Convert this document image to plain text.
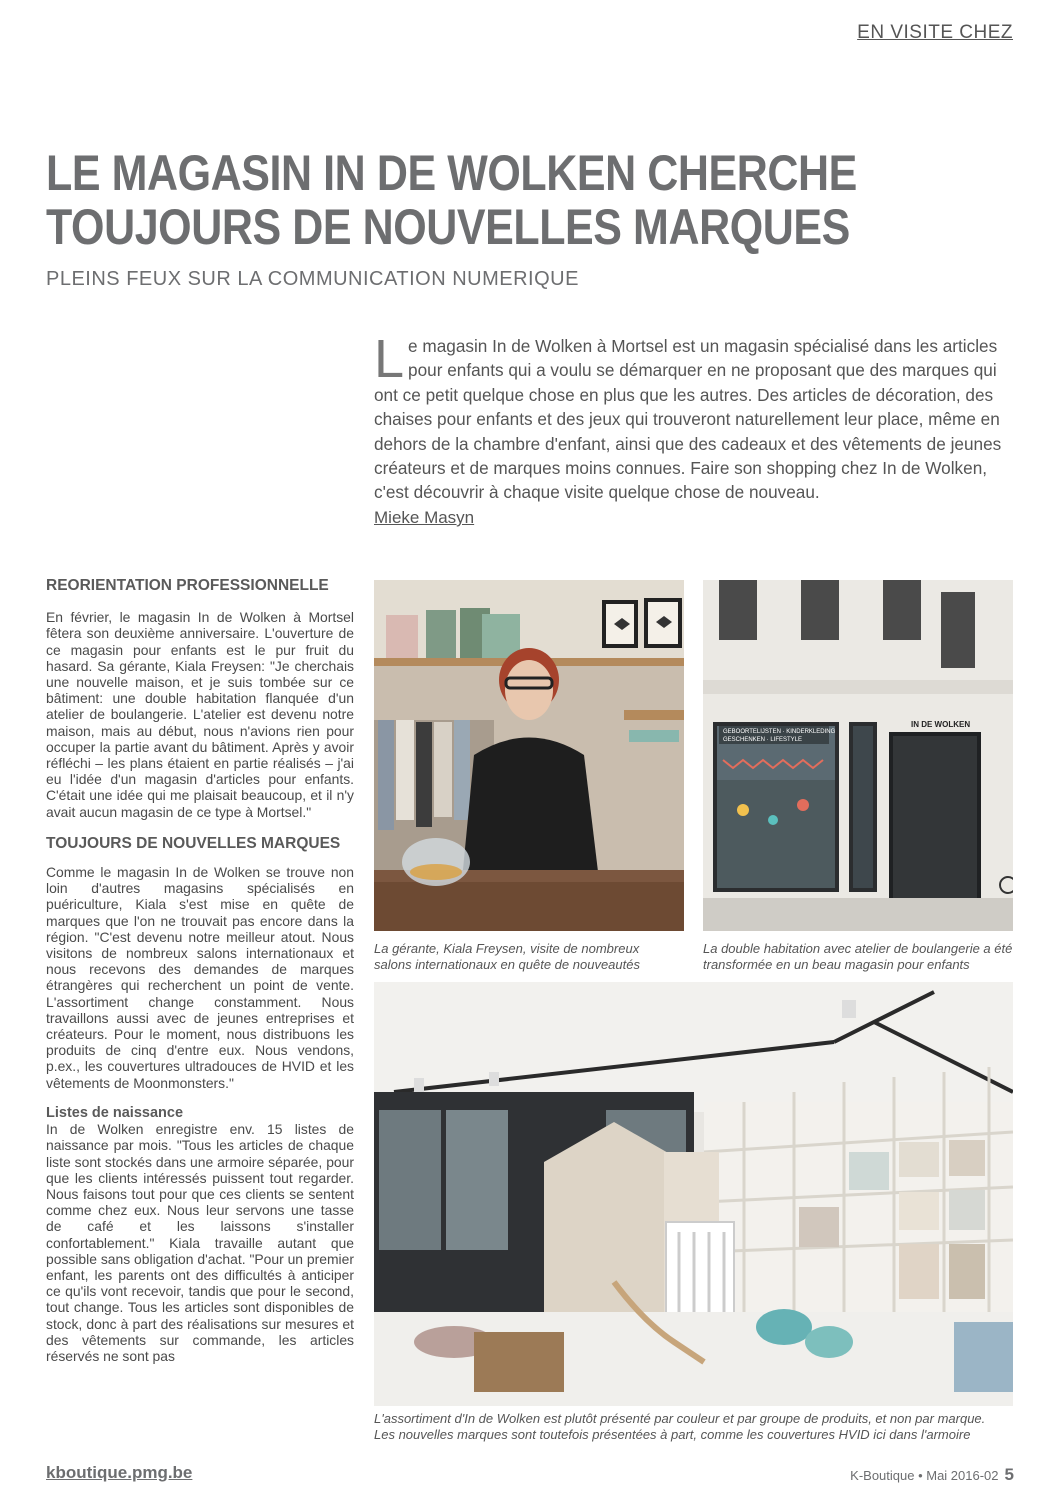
EN VISITE CHEZ
LE MAGASIN IN DE WOLKEN CHERCHE
TOUJOURS DE NOUVELLES MARQUES

PLEINS FEUX SUR LA COMMUNICATION NUMERIQUE

L e magasin In de Wolken à Mortsel est un magasin spécialisé dans les articles pour enfants qui a voulu se démarquer en ne proposant que des marques qui ont ce petit quelque chose en plus que les autres. Des articles de décoration, des chaises pour enfants et des jeux qui trouveront naturellement leur place, même en dehors de la chambre d'enfant, ainsi que des cadeaux et des vêtements de jeunes créateurs et de marques moins connues. Faire son shopping chez In de Wolken, c'est découvrir à chaque visite quelque chose de nouveau.

Mieke Masyn
REORIENTATION PROFESSIONNELLE

En février, le magasin In de Wolken à Mortsel fêtera son deuxième anniversaire. L'ouverture de ce magasin pour enfants est le pur fruit du hasard. Sa gérante, Kiala Freysen: "Je cherchais une nouvelle maison, et je suis tombée sur ce bâtiment: une double habitation flanquée d'un atelier de boulangerie. L'atelier est devenu notre maison, mais au début, nous n'avions rien pour occuper la partie avant du bâtiment. Après y avoir réfléchi – les plans étaient en partie réalisés – j'ai eu l'idée d'un magasin d'articles pour enfants. C'était une idée qui me plaisait beaucoup, et il n'y avait aucun magasin de ce type à Mortsel."

TOUJOURS DE NOUVELLES MARQUES

Comme le magasin In de Wolken se trouve non loin d'autres magasins spécialisés en puériculture, Kiala s'est mise en quête de marques que l'on ne trouvait pas encore dans la région. "C'est devenu notre meilleur atout. Nous visitons de nombreux salons internationaux et nous recevons des demandes de marques étrangères qui recherchent un point de vente. L'assortiment change constamment. Nous travaillons aussi avec de jeunes entreprises et créateurs. Pour le moment, nous distribuons les produits de cinq d'entre eux. Nous vendons, p.ex., les couvertures ultradouces de HVID et les vêtements de Moonmonsters."

Listes de naissance

In de Wolken enregistre env. 15 listes de naissance par mois. "Tous les articles de chaque liste sont stockés dans une armoire séparée, pour que les clients intéressés puissent tout regarder. Nous faisons tout pour que ces clients se sentent comme chez eux. Nous leur servons une tasse de café et les laissons s'installer confortablement." Kiala travaille autant que possible sans obligation d'achat. "Pour un premier enfant, les parents ont des difficultés à anticiper ce qu'ils vont recevoir, tandis que pour le second, tout change. Tous les articles sont disponibles de stock, donc à part des réalisations sur mesures et des vêtements sur commande, les articles réservés ne sont pas

GEBOORTELIJSTEN · KINDERKLEDING
GESCHENKEN · LIFESTYLE
IN DE WOLKEN
La gérante, Kiala Freysen, visite de nombreux salons internationaux en quête de nouveautés
La double habitation avec atelier de boulangerie a été transformée en un beau magasin pour enfants
L'assortiment d'In de Wolken est plutôt présenté par couleur et par groupe de produits, et non par marque.
Les nouvelles marques sont toutefois présentées à part, comme les couvertures HVID ici dans l'armoire
kboutique.pmg.be	K-Boutique • Mai 2016-02 5
